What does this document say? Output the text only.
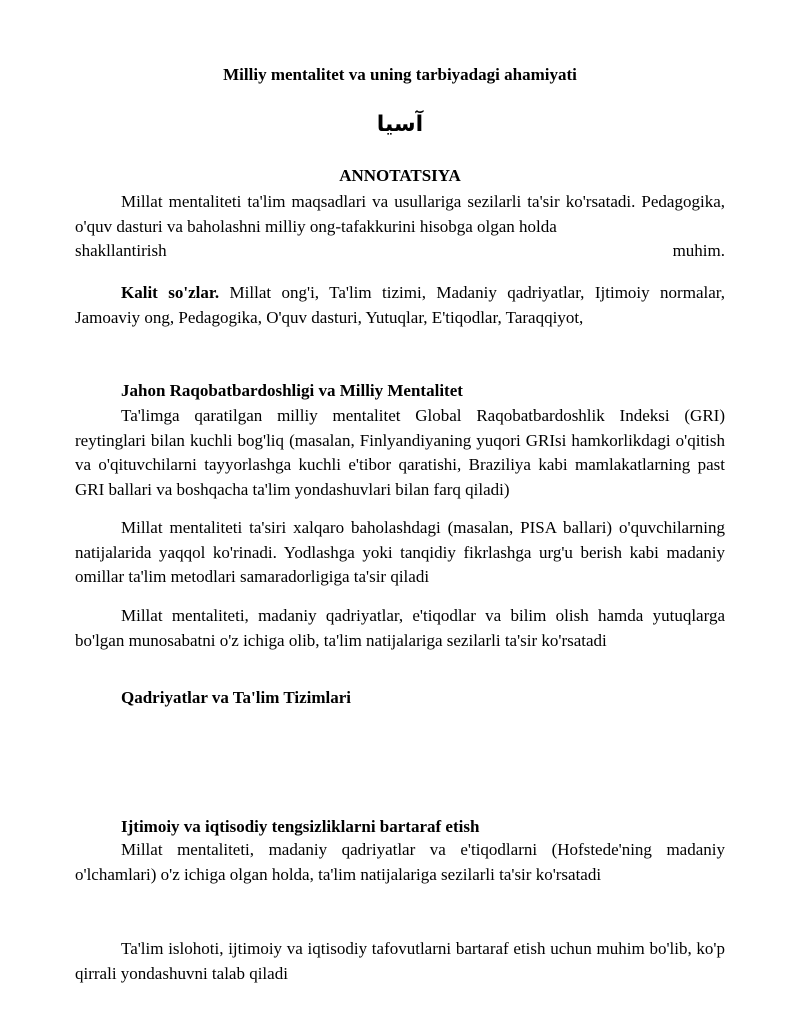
Milliy mentalitet va uning tarbiyadagi ahamiyati
آسیا
ANNOTATSIYA

Millat mentaliteti ta'lim maqsadlari va usullariga sezilarli ta'sir ko'rsatadi. Pedagogika, o'quv dasturi va baholashni milliy ong-tafakkurini hisobga olgan holda

shakllantirish	muhim.

Kalit so'zlar. Millat ong'i, Ta'lim tizimi, Madaniy qadriyatlar, Ijtimoiy normalar, Jamoaviy ong, Pedagogika, O'quv dasturi, Yutuqlar, E'tiqodlar, Taraqqiyot,

Jahon Raqobatbardoshligi va Milliy Mentalitet

Ta'limga qaratilgan milliy mentalitet Global Raqobatbardoshlik Indeksi (GRI) reytinglari bilan kuchli bog'liq (masalan, Finlyandiyaning yuqori GRIsi hamkorlikdagi o'qitish va o'qituvchilarni tayyorlashga kuchli e'tibor qaratishi, Braziliya kabi mamlakatlarning past GRI ballari va boshqacha ta'lim yondashuvlari bilan farq qiladi)

Millat mentaliteti ta'siri xalqaro baholashdagi (masalan, PISA ballari) o'quvchilarning natijalarida yaqqol ko'rinadi. Yodlashga yoki tanqidiy fikrlashga urg'u berish kabi madaniy omillar ta'lim metodlari samaradorligiga ta'sir qiladi

Millat mentaliteti, madaniy qadriyatlar, e'tiqodlar va bilim olish hamda yutuqlarga bo'lgan munosabatni o'z ichiga olib, ta'lim natijalariga sezilarli ta'sir ko'rsatadi

Qadriyatlar va Ta'lim Tizimlari
Ijtimoiy va iqtisodiy tengsizliklarni bartaraf etish

Millat mentaliteti, madaniy qadriyatlar va e'tiqodlarni (Hofstede'ning madaniy o'lchamlari) o'z ichiga olgan holda, ta'lim natijalariga sezilarli ta'sir ko'rsatadi

Ta'lim islohoti, ijtimoiy va iqtisodiy tafovutlarni bartaraf etish uchun muhim bo'lib, ko'p qirrali yondashuvni talab qiladi
